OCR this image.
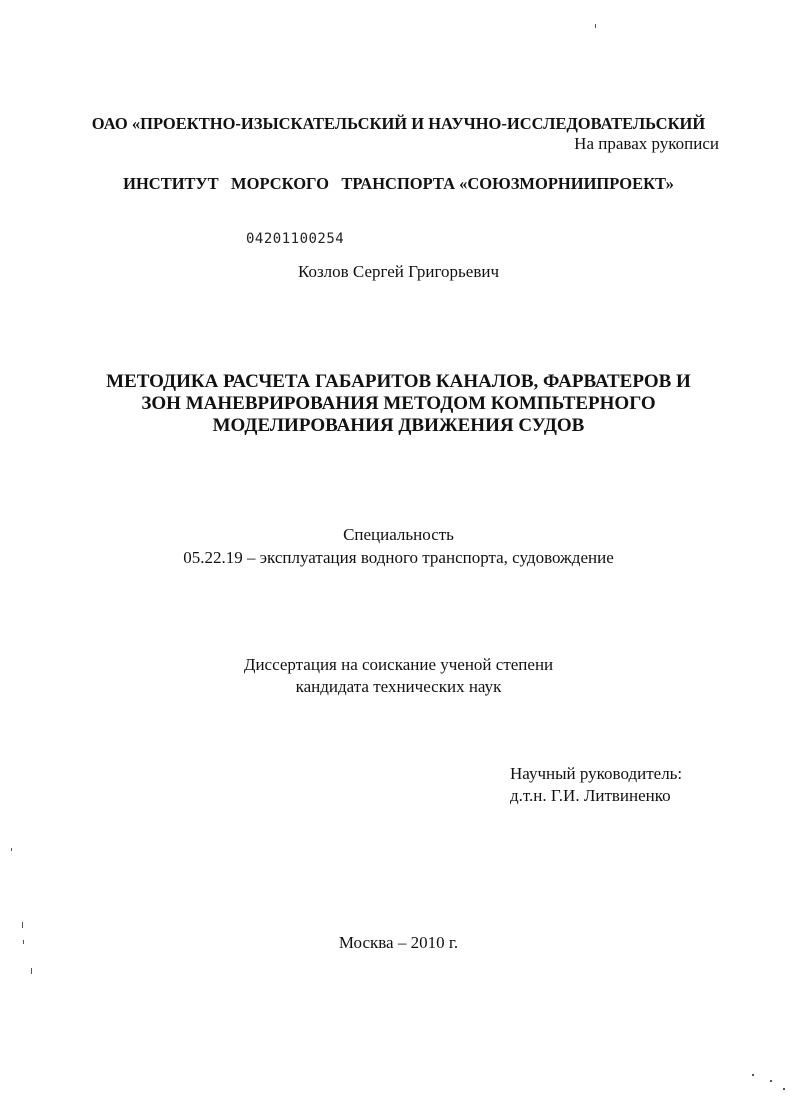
ОАО «ПРОЕКТНО-ИЗЫСКАТЕЛЬСКИЙ И НАУЧНО-ИССЛЕДОВАТЕЛЬСКИЙ

ИНСТИТУТ   МОРСКОГО   ТРАНСПОРТА «СОЮЗМОРНИИПРОЕКТ»

На правах рукописи
04201100254
Козлов Сергей Григорьевич
МЕТОДИКА РАСЧЕТА ГАБАРИТОВ КАНАЛОВ, ФАРВАТЕРОВ И
ЗОН МАНЕВРИРОВАНИЯ МЕТОДОМ КОМПЬТЕРНОГО
МОДЕЛИРОВАНИЯ ДВИЖЕНИЯ СУДОВ
Специальность
05.22.19 – эксплуатация водного транспорта, судовождение
Диссертация на соискание ученой степени
кандидата технических наук
Научный руководитель:
д.т.н. Г.И. Литвиненко
Москва – 2010 г.
